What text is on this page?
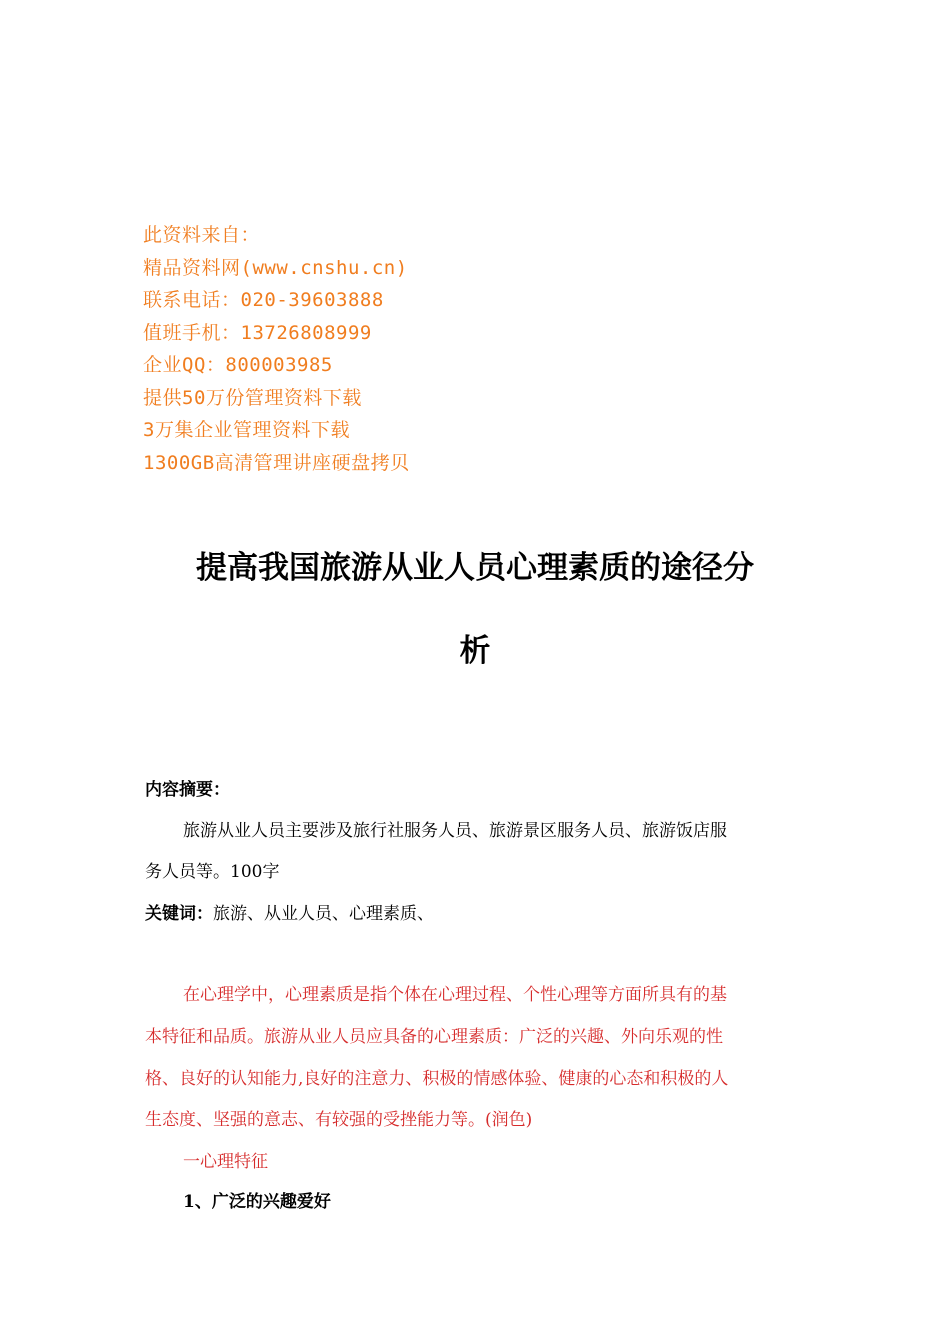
此资料来自：
精品资料网(www.cnshu.cn)
联系电话：020-39603888
值班手机：13726808999
企业QQ：800003985
提供50万份管理资料下载
3万集企业管理资料下载
1300GB高清管理讲座硬盘拷贝
提高我国旅游从业人员心理素质的途径分
析
内容摘要：
旅游从业人员主要涉及旅行社服务人员、旅游景区服务人员、旅游饭店服
务人员等。100字
关键词：旅游、从业人员、心理素质、
在心理学中，心理素质是指个体在心理过程、个性心理等方面所具有的基
本特征和品质。旅游从业人员应具备的心理素质：广泛的兴趣、外向乐观的性
格、良好的认知能力,良好的注意力、积极的情感体验、健康的心态和积极的人
生态度、坚强的意志、有较强的受挫能力等。(润色)
一心理特征
1、广泛的兴趣爱好
